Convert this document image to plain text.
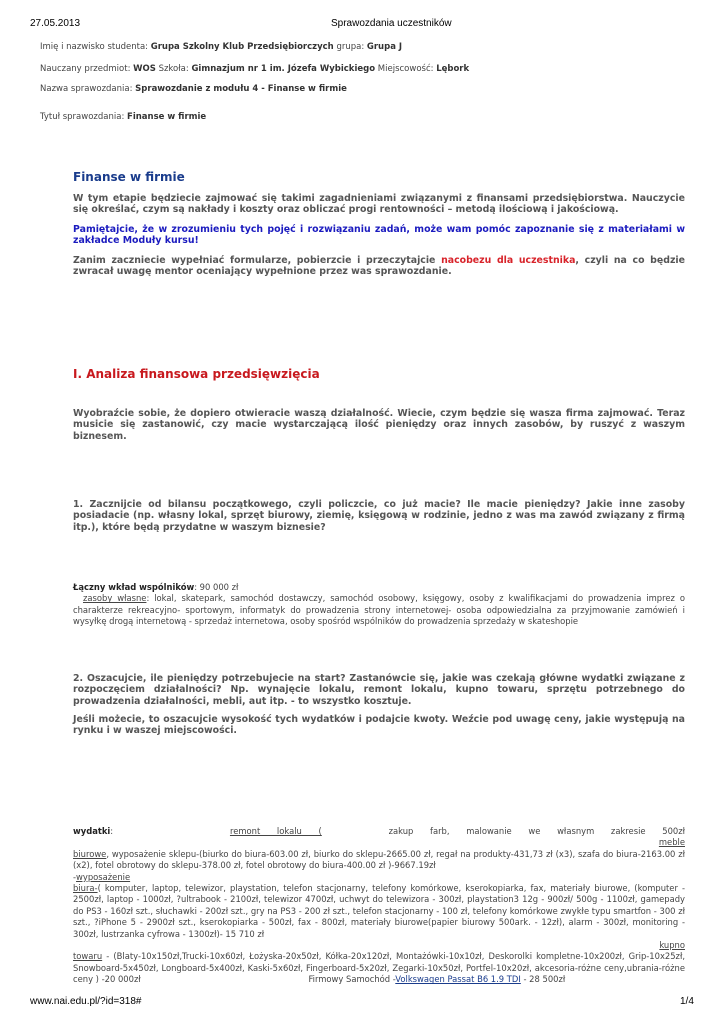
27.05.2013	Sprawozdania uczestników
Imię i nazwisko studenta: Grupa Szkolny Klub Przedsiębiorczych grupa: Grupa J
Nauczany przedmiot: WOS Szkoła: Gimnazjum nr 1 im. Józefa Wybickiego Miejscowość: Lębork
Nazwa sprawozdania: Sprawozdanie z modułu 4 - Finanse w firmie
Tytuł sprawozdania: Finanse w firmie
Finanse w firmie

W tym etapie będziecie zajmować się takimi zagadnieniami związanymi z finansami przedsiębiorstwa. Nauczycie się określać, czym są nakłady i koszty oraz obliczać progi rentowności – metodą ilościową i jakościową.

Pamiętajcie, że w zrozumieniu tych pojęć i rozwiązaniu zadań, może wam pomóc zapoznanie się z materiałami w zakładce Moduły kursu!

Zanim zaczniecie wypełniać formularze, pobierzcie i przeczytajcie nacobezu dla uczestnika, czyli na co będzie zwracał uwagę mentor oceniający wypełnione przez was sprawozdanie.

I. Analiza finansowa przedsięwzięcia

Wyobraźcie sobie, że dopiero otwieracie waszą działalność. Wiecie, czym będzie się wasza firma zajmować. Teraz musicie się zastanowić, czy macie wystarczającą ilość pieniędzy oraz innych zasobów, by ruszyć z waszym biznesem.

1. Zacznijcie od bilansu początkowego, czyli policzcie, co już macie? Ile macie pieniędzy? Jakie inne zasoby posiadacie (np. własny lokal, sprzęt biurowy, ziemię, księgową w rodzinie, jedno z was ma zawód związany z firmą itp.), które będą przydatne w waszym biznesie?

Łączny wkład wspólników: 90 000 zł
zasoby własne: lokal, skatepark, samochód dostawczy, samochód osobowy, księgowy, osoby z kwalifikacjami do prowadzenia imprez o charakterze rekreacyjno- sportowym, informatyk do prowadzenia strony internetowej- osoba odpowiedzialna za przyjmowanie zamówień i wysyłkę drogą internetową - sprzedaż internetowa, osoby spośród wspólników do prowadzenia sprzedaży w skateshopie

2. Oszacujcie, ile pieniędzy potrzebujecie na start? Zastanówcie się, jakie was czekają główne wydatki związane z rozpoczęciem działalności? Np. wynajęcie lokalu, remont lokalu, kupno towaru, sprzętu potrzebnego do prowadzenia działalności, mebli, aut itp. - to wszystko kosztuje.

Jeśli możecie, to oszacujcie wysokość tych wydatków i podajcie kwoty. Weźcie pod uwagę ceny, jakie występują na rynku i w waszej miejscowości.

wydatki:	remont lokalu (	zakup farb, malowanie we własnym zakresie 500zł
meble
biurowe, wyposażenie sklepu-(biurko do biura-603.00 zł, biurko do sklepu-2665.00 zł, regał na produkty-431,73 zł (x3), szafa do biura-2163.00 zł (x2), fotel obrotowy do sklepu-378.00 zł, fotel obrotowy do biura-400.00 zł )-9667.19zł
-wyposażenie
biura-( komputer, laptop, telewizor, playstation, telefon stacjonarny, telefony komórkowe, kserokopiarka, fax, materiały biurowe, (komputer - 2500zł, laptop - 1000zł, ?ultrabook - 2100zł, telewizor 4700zł, uchwyt do telewizora - 300zł, playstation3 12g - 900zł/ 500g - 1100zł, gamepady do PS3 - 160zł szt., słuchawki - 200zł szt., gry na PS3 - 200 zł szt., telefon stacjonarny - 100 zł, telefony komórkowe zwykłe typu smartfon - 300 zł szt., ?iPhone 5 - 2900zł szt., kserokopiarka - 500zł, fax - 800zł, materiały biurowe(papier biurowy 500ark. - 12zł), alarm - 300zł, monitoring - 300zł, lustrzanka cyfrowa - 1300zł)- 15 710 zł
kupno
towaru - (Blaty-10x150zł,Trucki-10x60zł, Łożyska-20x50zł, Kółka-20x120zł, Montażówki-10x10zł, Deskorolki kompletne-10x200zł, Grip-10x25zł, Snowboard-5x450zł, Longboard-5x400zł, Kaski-5x60zł, Fingerboard-5x20zł, Zegarki-10x50zł, Portfel-10x20zł, akcesoria-różne ceny,ubrania-różne ceny ) -20 000zł	Firmowy Samochód -Volkswagen Passat B6 1.9 TDI - 28 500zł
www.nai.edu.pl/?id=318#	1/4
